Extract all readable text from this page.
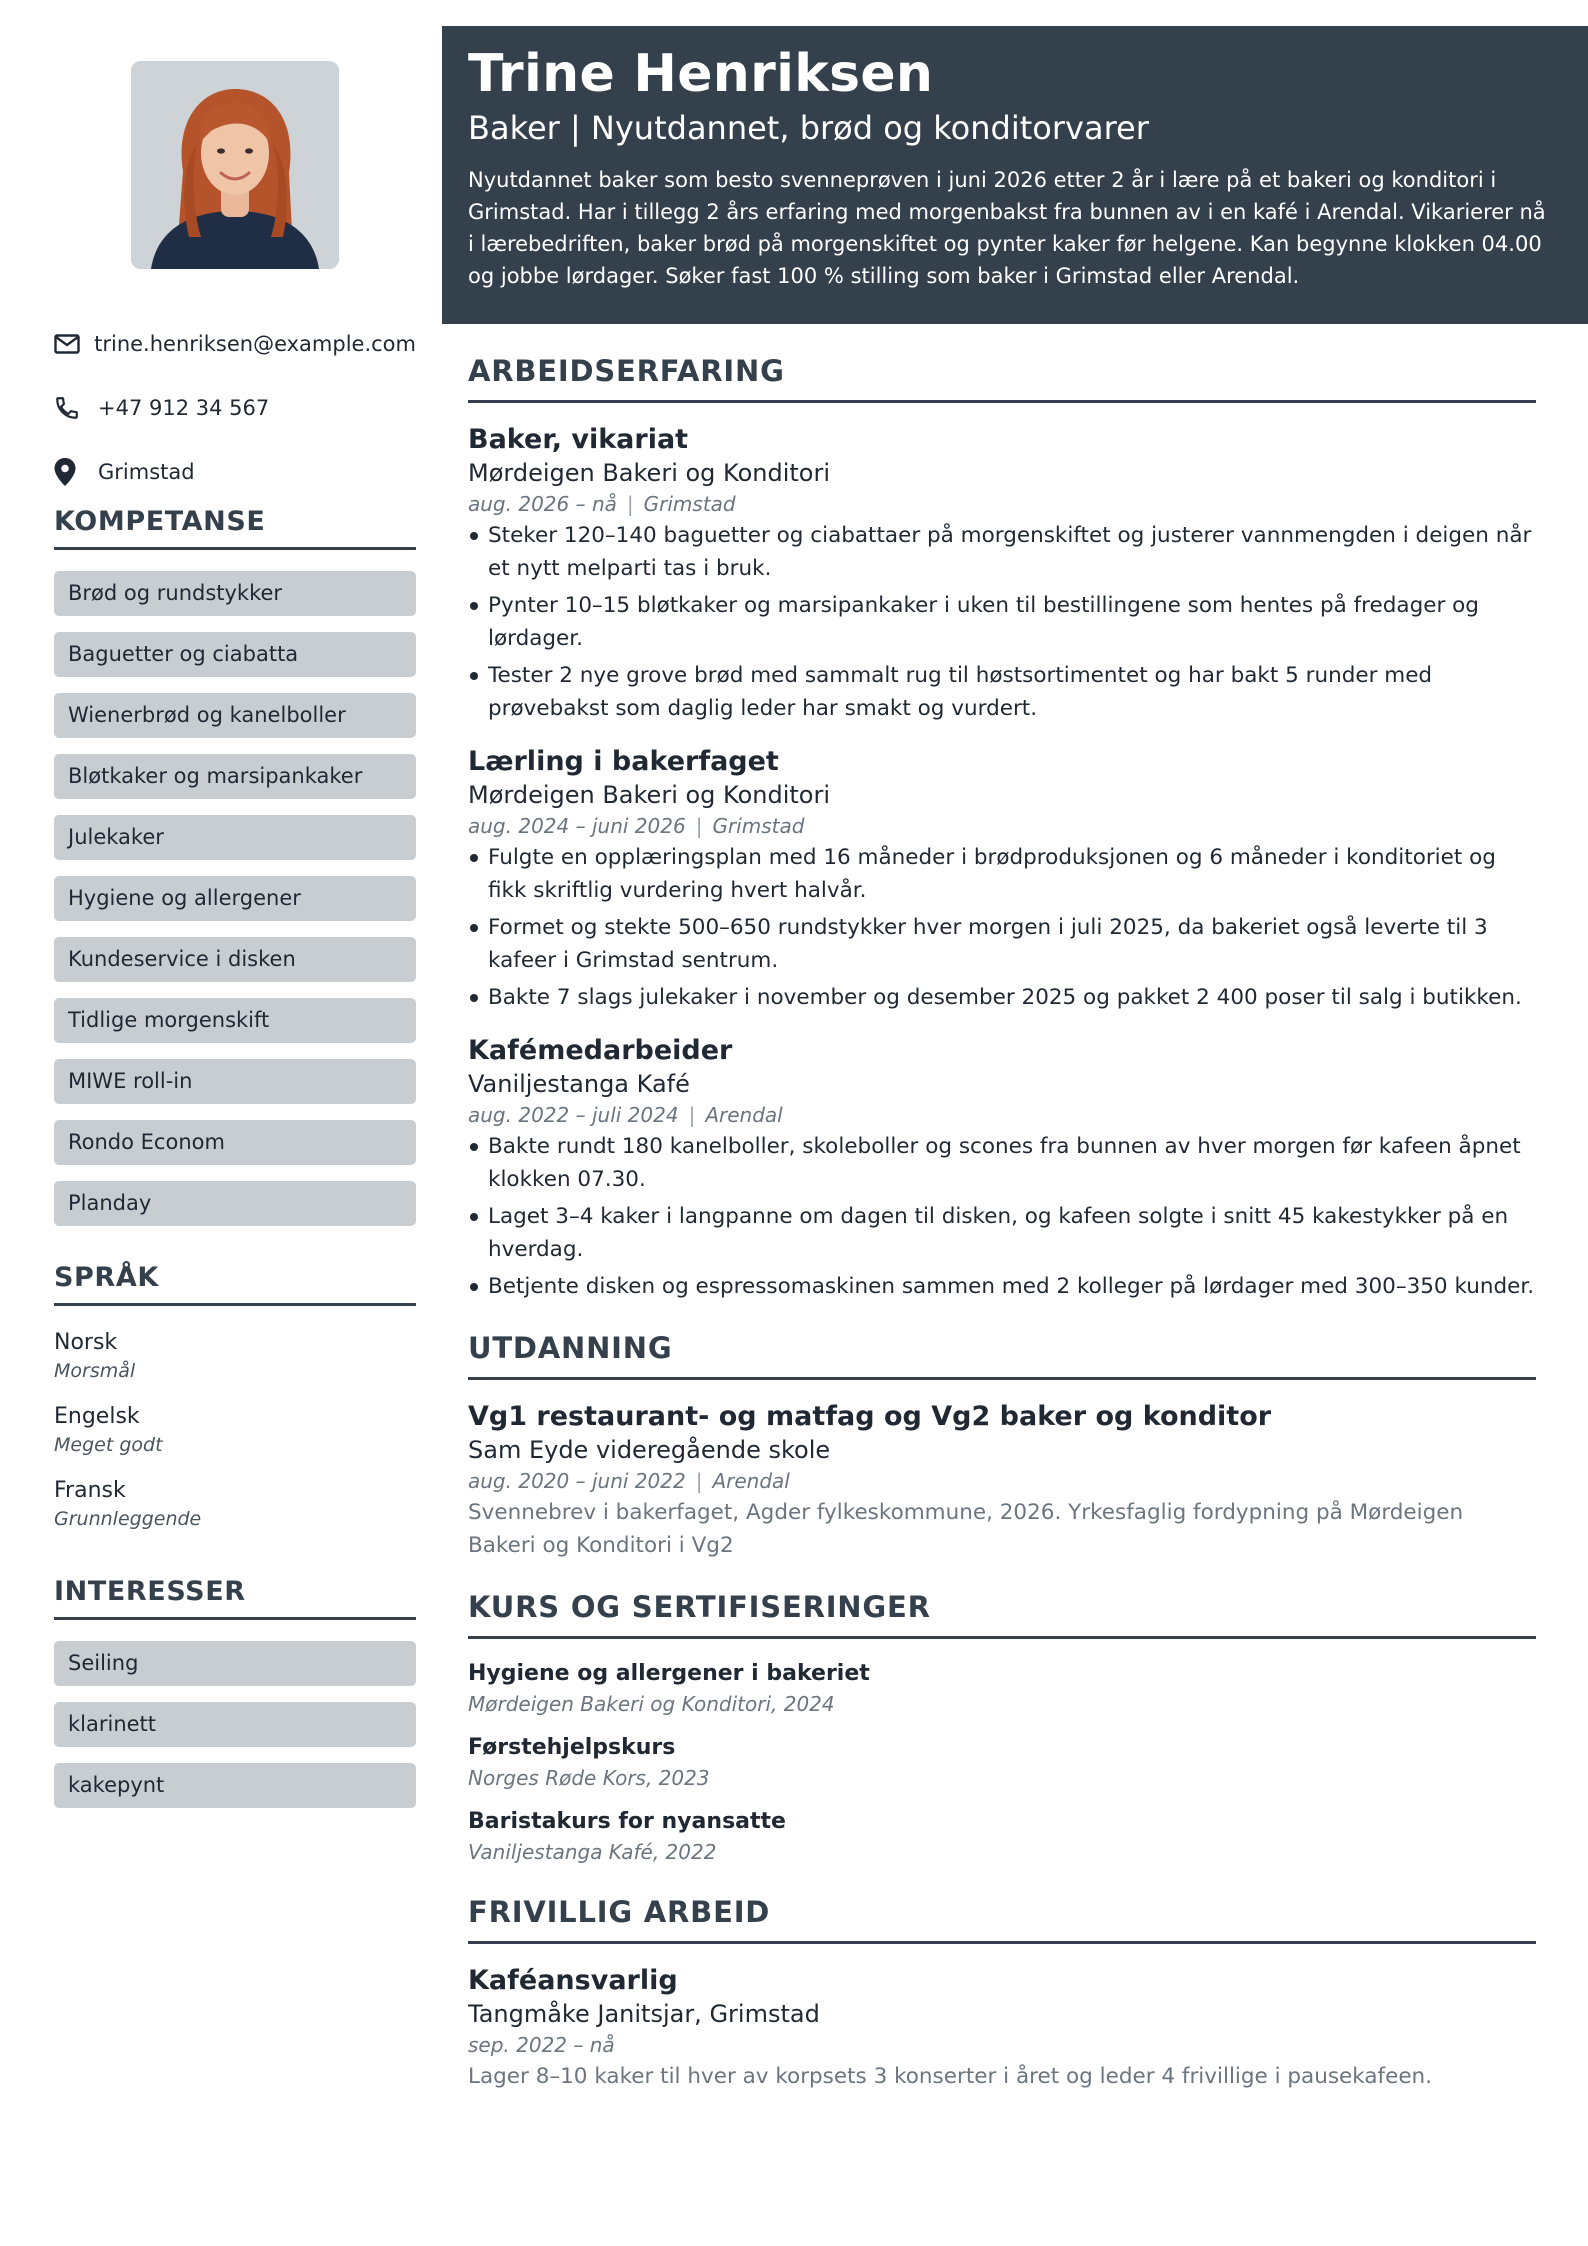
trine.henriksen@example.com
+47 912 34 567
Grimstad
KOMPETANSE
Brød og rundstykker
Baguetter og ciabatta
Wienerbrød og kanelboller
Bløtkaker og marsipankaker
Julekaker
Hygiene og allergener
Kundeservice i disken
Tidlige morgenskift
MIWE roll-in
Rondo Econom
Planday
SPRÅK
Norsk
Morsmål
Engelsk
Meget godt
Fransk
Grunnleggende
INTERESSER
Seiling
klarinett
kakepynt
Trine Henriksen
Baker | Nyutdannet, brød og konditorvarer

Nyutdannet baker som besto svenneprøven i juni 2026 etter 2 år i lære på et bakeri og konditori i Grimstad. Har i tillegg 2 års erfaring med morgenbakst fra bunnen av i en kafé i Arendal. Vikarierer nå i lærebedriften, baker brød på morgenskiftet og pynter kaker før helgene. Kan begynne klokken 04.00 og jobbe lørdager. Søker fast 100 % stilling som baker i Grimstad eller Arendal.

ARBEIDSERFARING
Baker, vikariat
Mørdeigen Bakeri og Konditori
aug. 2026 – nå | Grimstad
Steker 120–140 baguetter og ciabattaer på morgenskiftet og justerer vannmengden i deigen når et nytt melparti tas i bruk.
Pynter 10–15 bløtkaker og marsipankaker i uken til bestillingene som hentes på fredager og lørdager.
Tester 2 nye grove brød med sammalt rug til høstsortimentet og har bakt 5 runder med prøvebakst som daglig leder har smakt og vurdert.
Lærling i bakerfaget
Mørdeigen Bakeri og Konditori
aug. 2024 – juni 2026 | Grimstad
Fulgte en opplæringsplan med 16 måneder i brødproduksjonen og 6 måneder i konditoriet og fikk skriftlig vurdering hvert halvår.
Formet og stekte 500–650 rundstykker hver morgen i juli 2025, da bakeriet også leverte til 3 kafeer i Grimstad sentrum.
Bakte 7 slags julekaker i november og desember 2025 og pakket 2 400 poser til salg i butikken.
Kafémedarbeider
Vaniljestanga Kafé
aug. 2022 – juli 2024 | Arendal
Bakte rundt 180 kanelboller, skoleboller og scones fra bunnen av hver morgen før kafeen åpnet klokken 07.30.
Laget 3–4 kaker i langpanne om dagen til disken, og kafeen solgte i snitt 45 kakestykker på en hverdag.
Betjente disken og espressomaskinen sammen med 2 kolleger på lørdager med 300–350 kunder.
UTDANNING
Vg1 restaurant- og matfag og Vg2 baker og konditor
Sam Eyde videregående skole
aug. 2020 – juni 2022 | Arendal

Svennebrev i bakerfaget, Agder fylkeskommune, 2026. Yrkesfaglig fordypning på Mørdeigen Bakeri og Konditori i Vg2

KURS OG SERTIFISERINGER
Hygiene og allergener i bakeriet
Mørdeigen Bakeri og Konditori, 2024
Førstehjelpskurs
Norges Røde Kors, 2023
Baristakurs for nyansatte
Vaniljestanga Kafé, 2022
FRIVILLIG ARBEID
Kaféansvarlig
Tangmåke Janitsjar, Grimstad
sep. 2022 – nå

Lager 8–10 kaker til hver av korpsets 3 konserter i året og leder 4 frivillige i pausekafeen.
